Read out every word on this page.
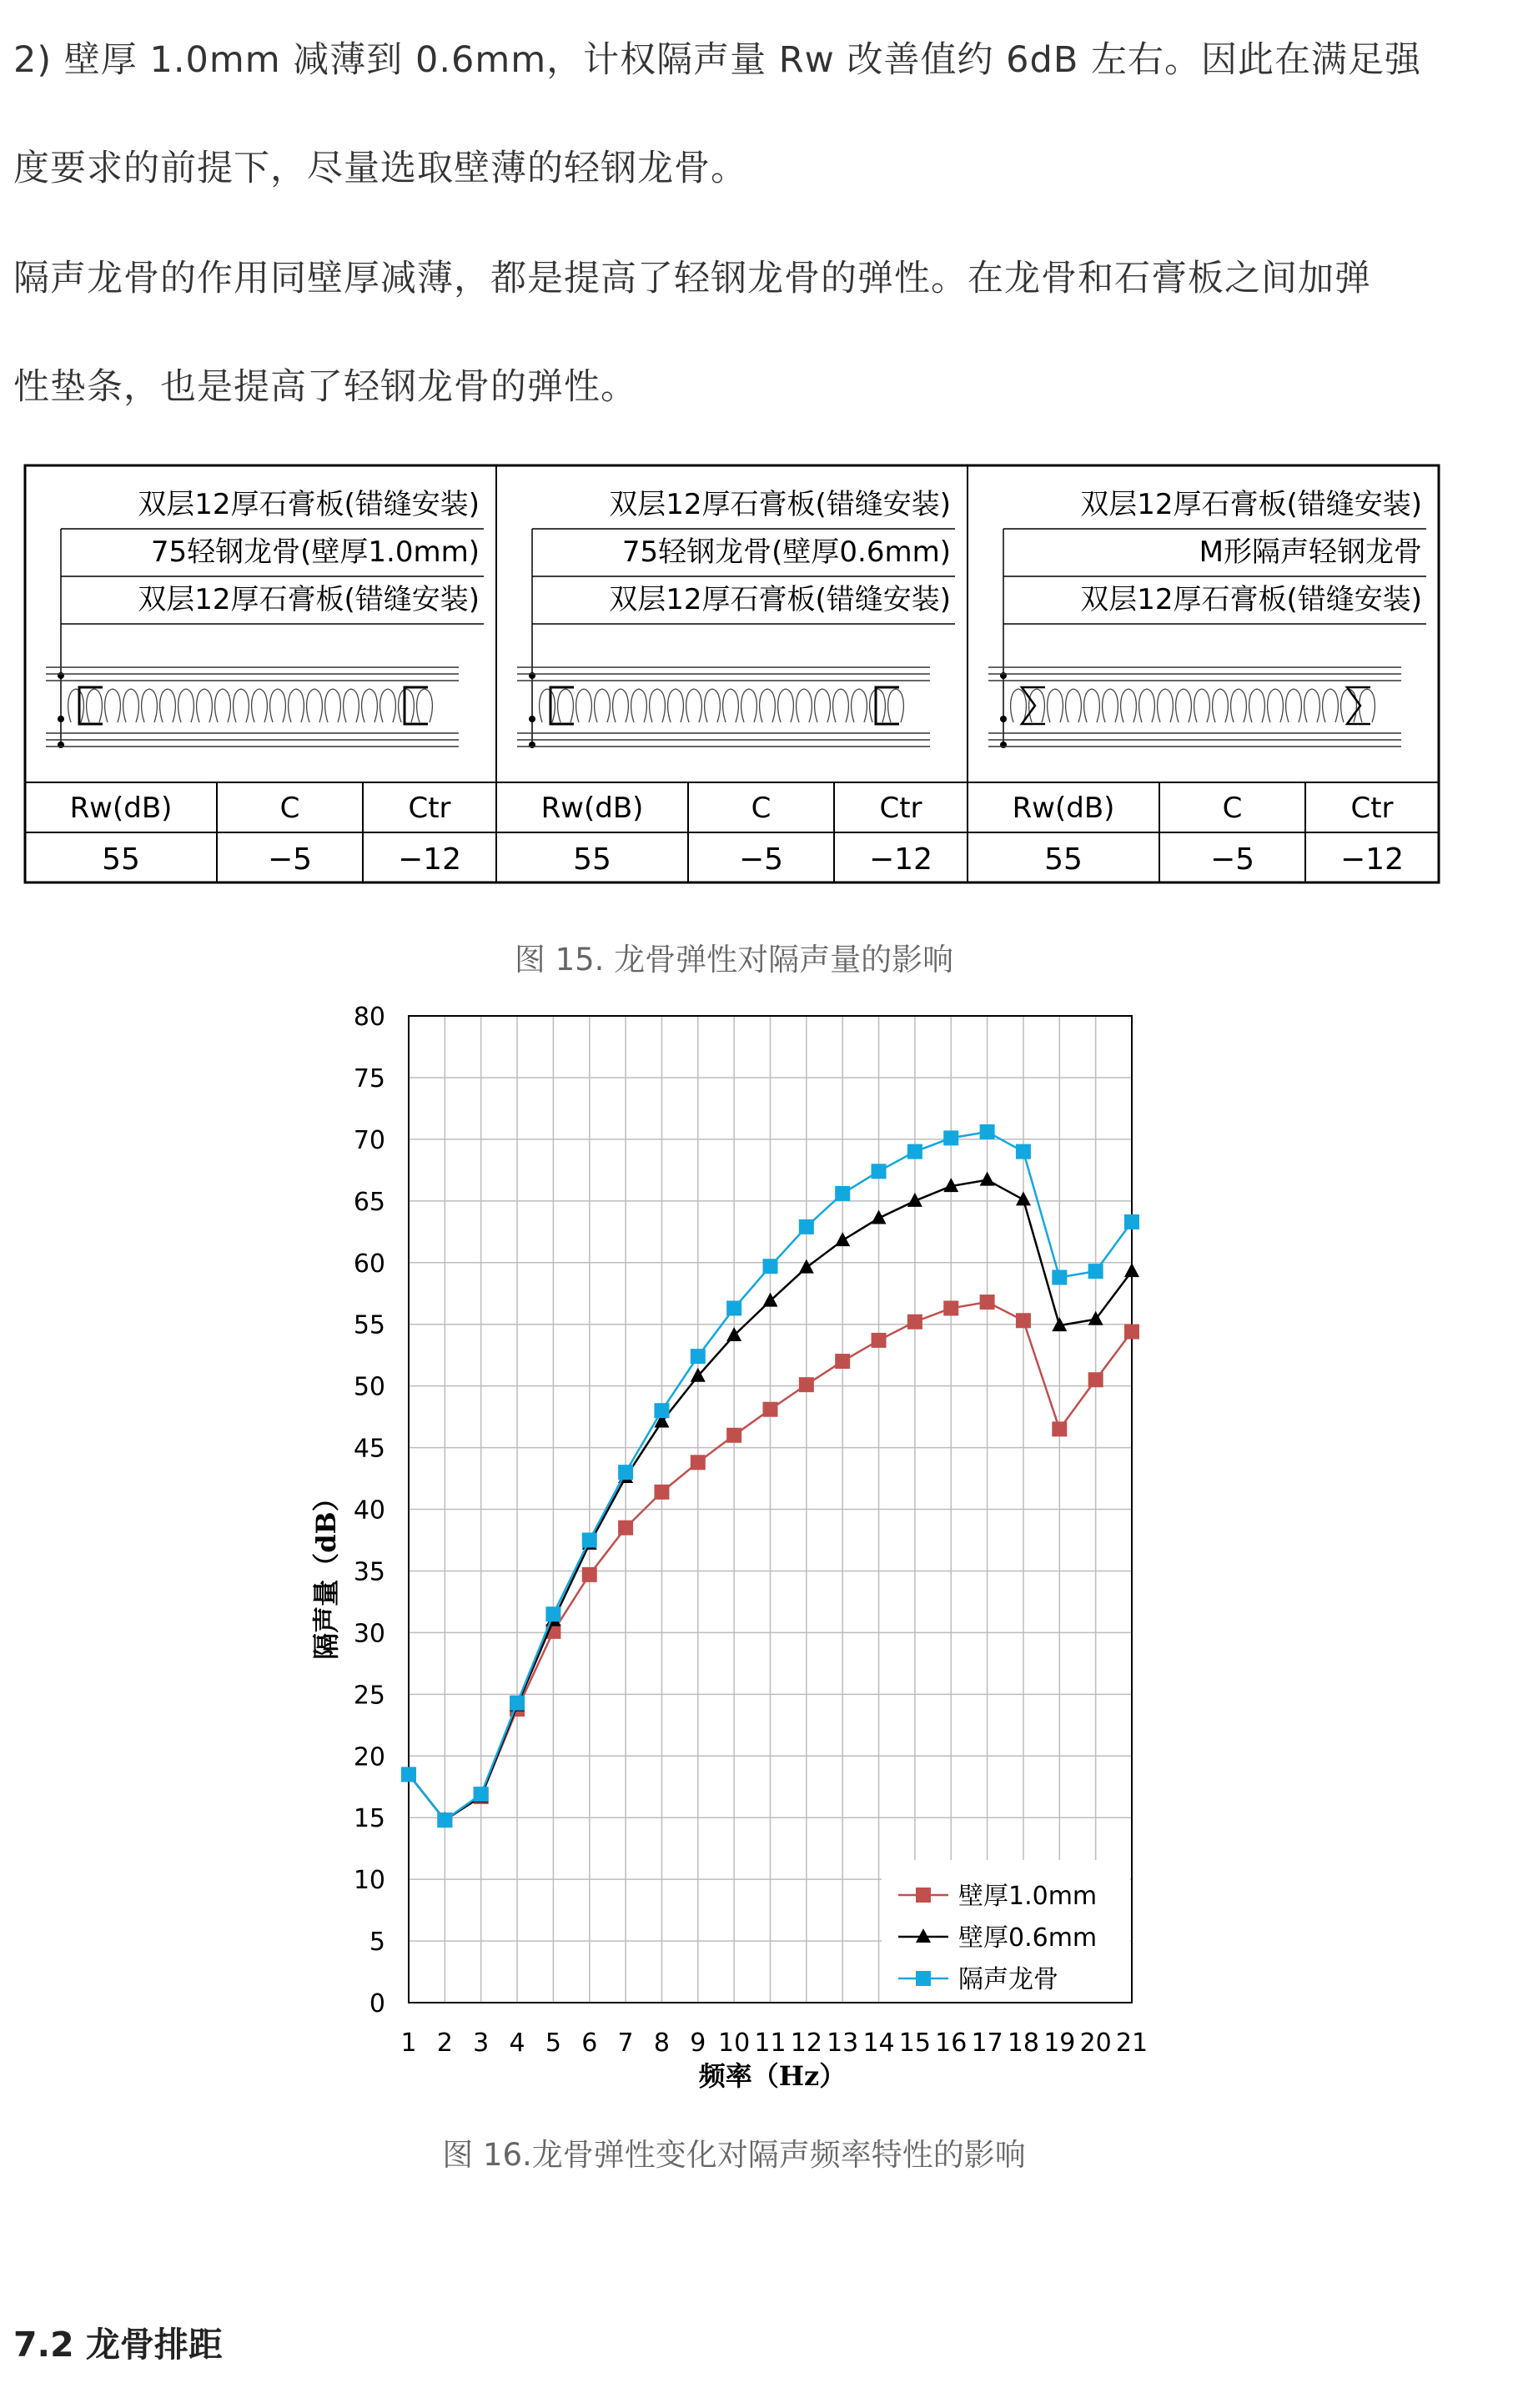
2) 壁厚 1.0mm 减薄到 0.6mm，计权隔声量 Rw 改善值约 6dB 左右。因此在满足强

度要求的前提下，尽量选取壁薄的轻钢龙骨。

隔声龙骨的作用同壁厚减薄，都是提高了轻钢龙骨的弹性。在龙骨和石膏板之间加弹

性垫条，也是提高了轻钢龙骨的弹性。

双层12厚石膏板(错缝安装)
75轻钢龙骨(壁厚1.0mm)
双层12厚石膏板(错缝安装)
Rw(dB)
55
C
−5
Ctr
−12
双层12厚石膏板(错缝安装)
75轻钢龙骨(壁厚0.6mm)
双层12厚石膏板(错缝安装)
Rw(dB)
55
C
−5
Ctr
−12
双层12厚石膏板(错缝安装)
M形隔声轻钢龙骨
双层12厚石膏板(错缝安装)
Rw(dB)
55
C
−5
Ctr
−12

图 15. 龙骨弹性对隔声量的影响

0
5
10
15
20
25
30
35
40
45
50
55
60
65
70
75
80
1 2 3 4 5 6 7 8 9 10 11 12 13 14 15 16 17 18 19 20 21
隔声量（dB）
频率（Hz）
壁厚1.0mm
壁厚0.6mm
隔声龙骨

图 16.龙骨弹性变化对隔声频率特性的影响

7.2 龙骨排距
